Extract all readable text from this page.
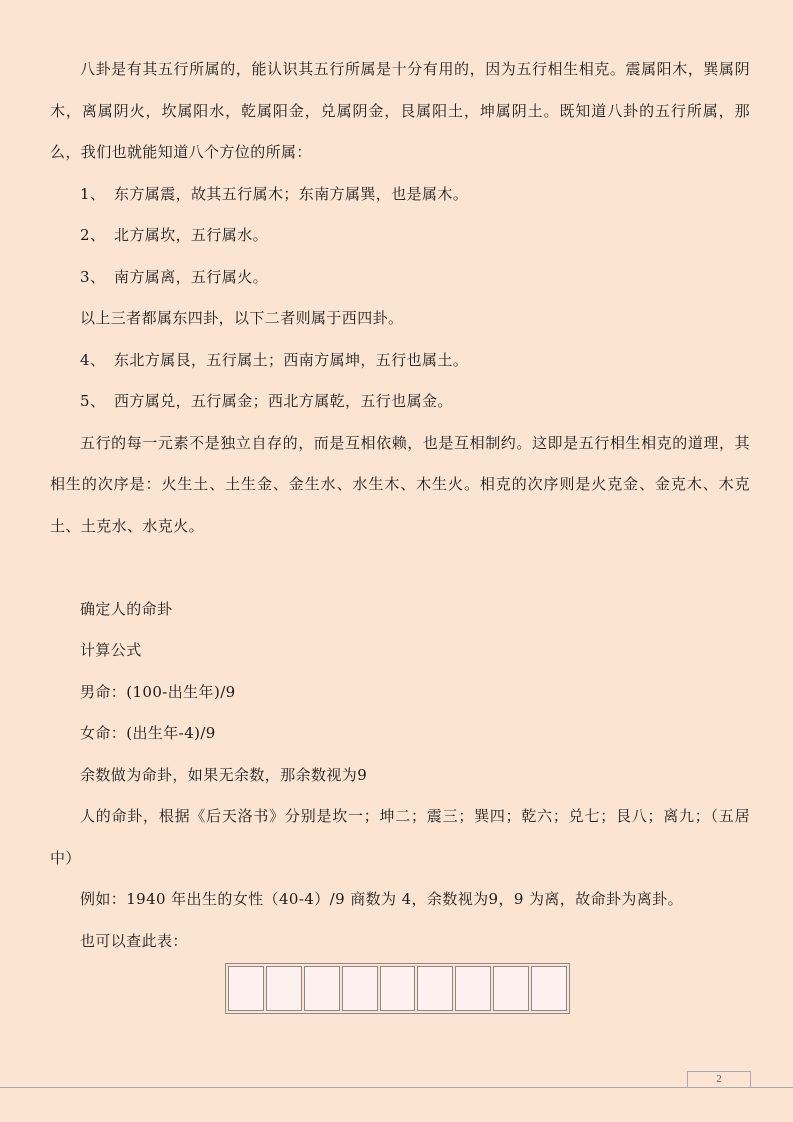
八卦是有其五行所属的，能认识其五行所属是十分有用的，因为五行相生相克。震属阳木，巽属阴木，离属阴火，坎属阳水，乾属阳金，兑属阴金，艮属阳土，坤属阴土。既知道八卦的五行所属，那么，我们也就能知道八个方位的所属：

1、 东方属震，故其五行属木；东南方属巽，也是属木。
2、 北方属坎，五行属水。
3、 南方属离，五行属火。

以上三者都属东四卦，以下二者则属于西四卦。

4、 东北方属艮，五行属土；西南方属坤，五行也属土。
5、 西方属兑，五行属金；西北方属乾，五行也属金。

五行的每一元素不是独立自存的，而是互相依赖，也是互相制约。这即是五行相生相克的道理，其相生的次序是：火生土、土生金、金生水、水生木、木生火。相克的次序则是火克金、金克木、木克土、土克水、水克火。

确定人的命卦

计算公式

男命：(100-出生年)/9

女命：(出生年-4)/9

余数做为命卦，如果无余数，那余数视为9

人的命卦，根据《后天洛书》分别是坎一；坤二；震三；巽四；乾六；兑七；艮八；离九；（五居中）

例如：1940 年出生的女性（40-4）/9 商数为 4，余数视为9，9 为离，故命卦为离卦。

也可以查此表：

2
